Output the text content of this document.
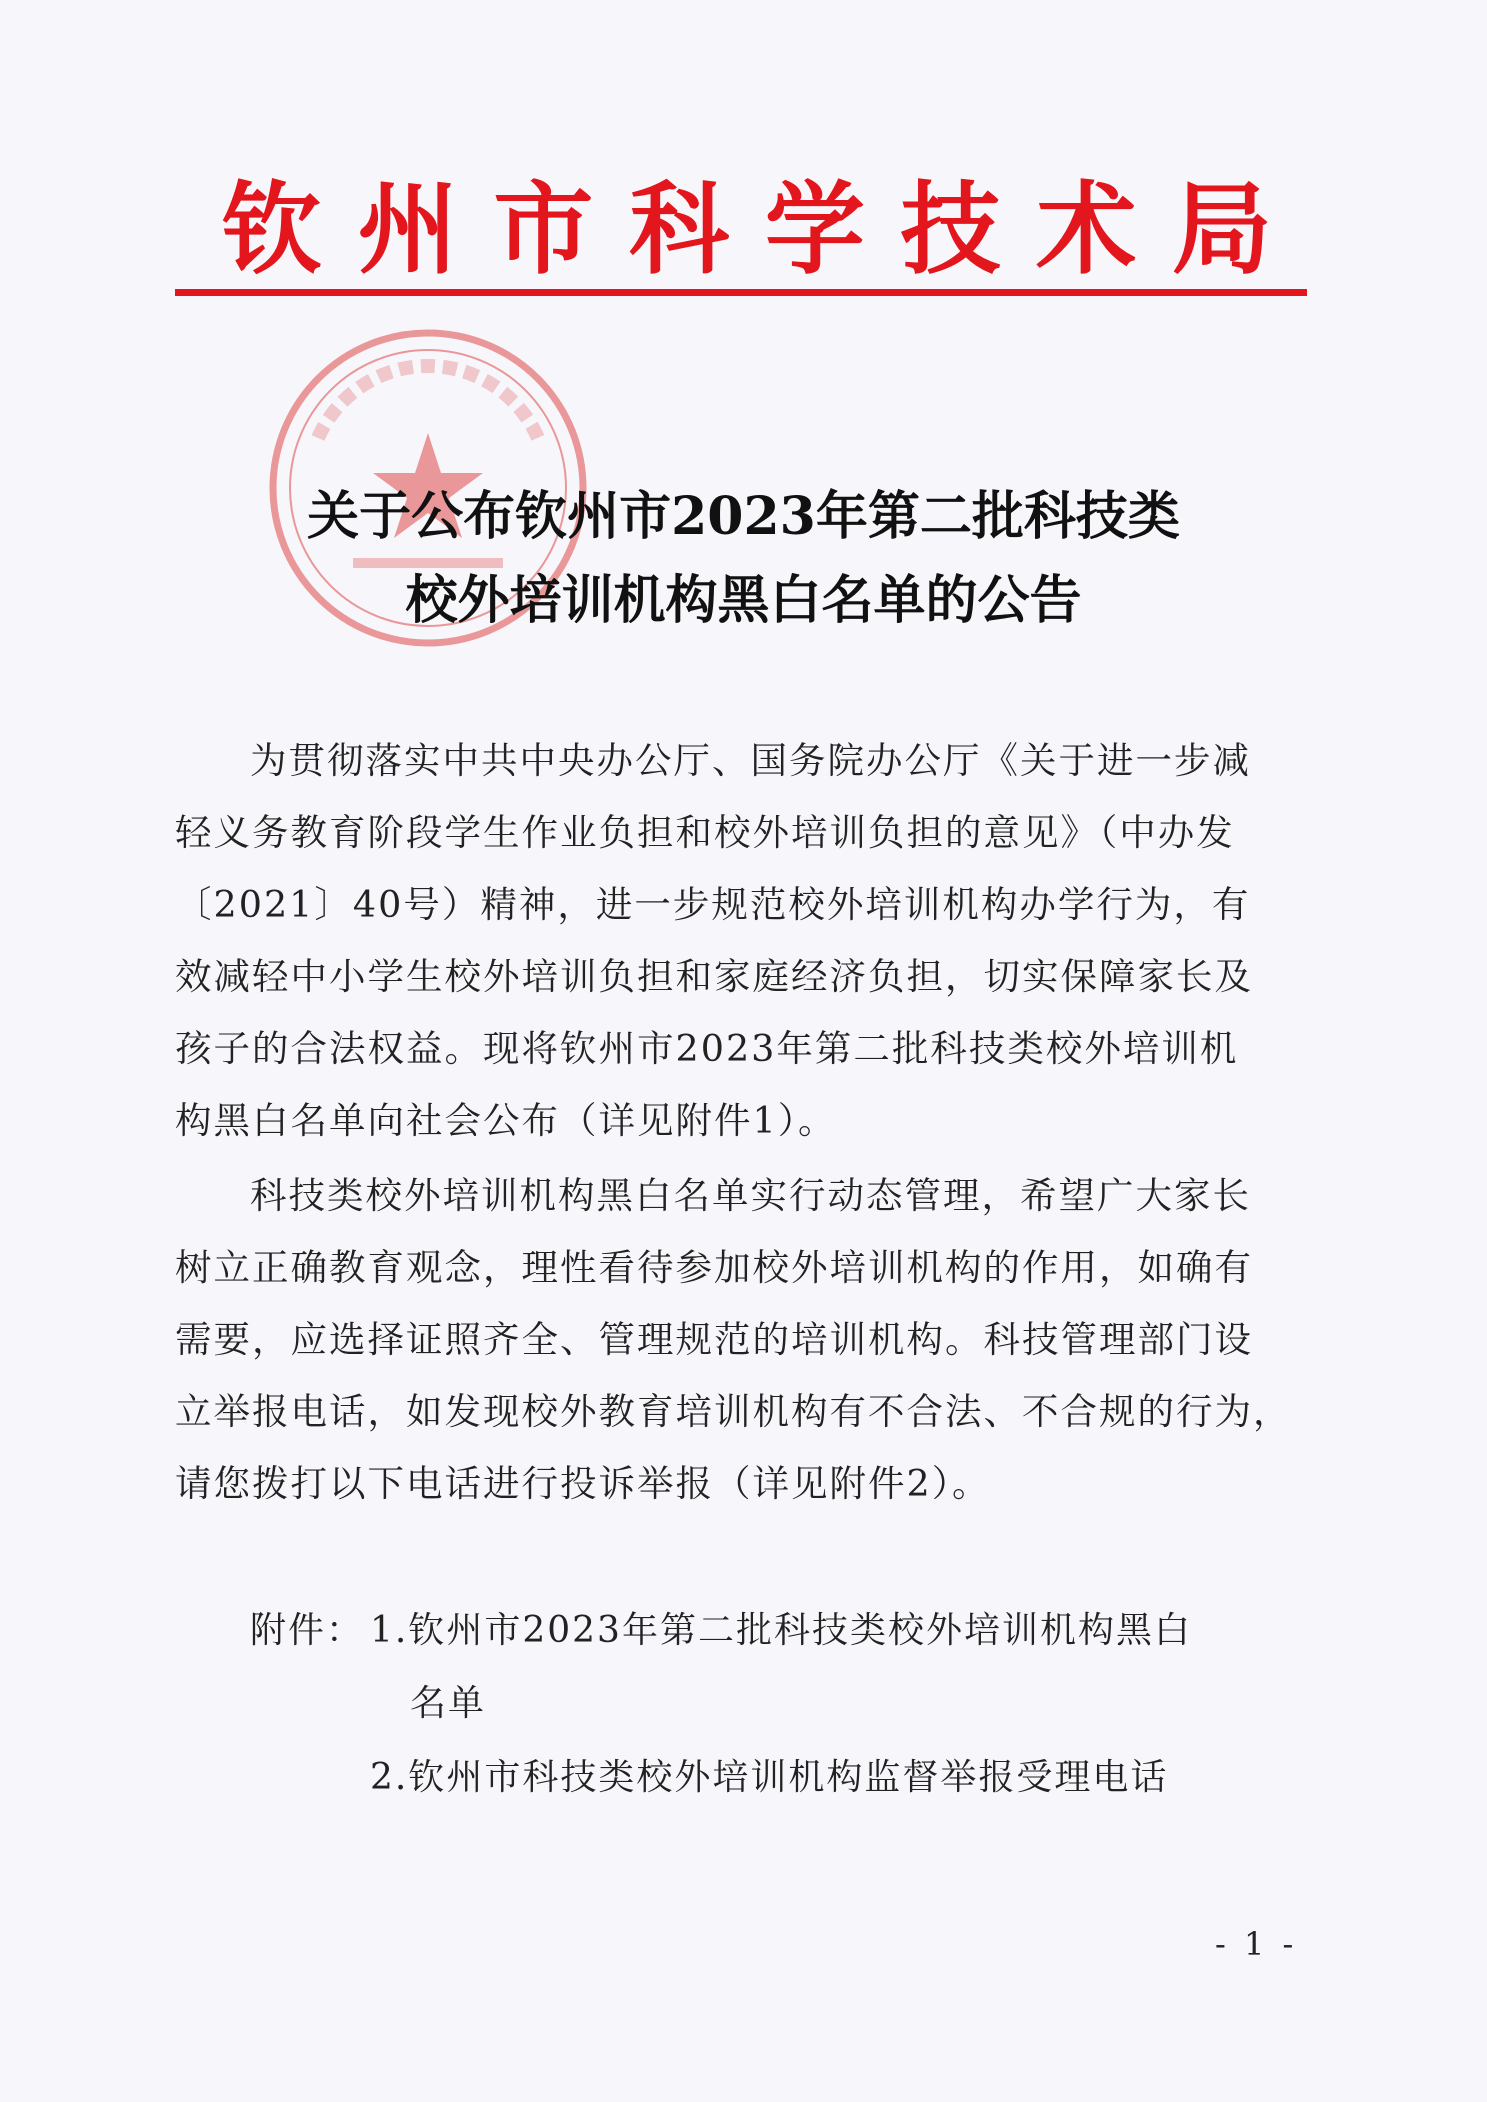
钦 州 市 科 学 技 术 局
关于公布钦州市2023年第二批科技类
校外培训机构黑白名单的公告
为贯彻落实中共中央办公厅、国务院办公厅《关于进一步减
轻义务教育阶段学生作业负担和校外培训负担的意见》（中办发
〔2021〕40号）精神，进一步规范校外培训机构办学行为，有
效减轻中小学生校外培训负担和家庭经济负担，切实保障家长及
孩子的合法权益。现将钦州市2023年第二批科技类校外培训机
构黑白名单向社会公布（详见附件1）。
科技类校外培训机构黑白名单实行动态管理，希望广大家长
树立正确教育观念，理性看待参加校外培训机构的作用，如确有
需要，应选择证照齐全、管理规范的培训机构。科技管理部门设
立举报电话，如发现校外教育培训机构有不合法、不合规的行为，
请您拨打以下电话进行投诉举报（详见附件2）。
附件： 1.钦州市2023年第二批科技类校外培训机构黑白
名单
2.钦州市科技类校外培训机构监督举报受理电话
- 1 -
